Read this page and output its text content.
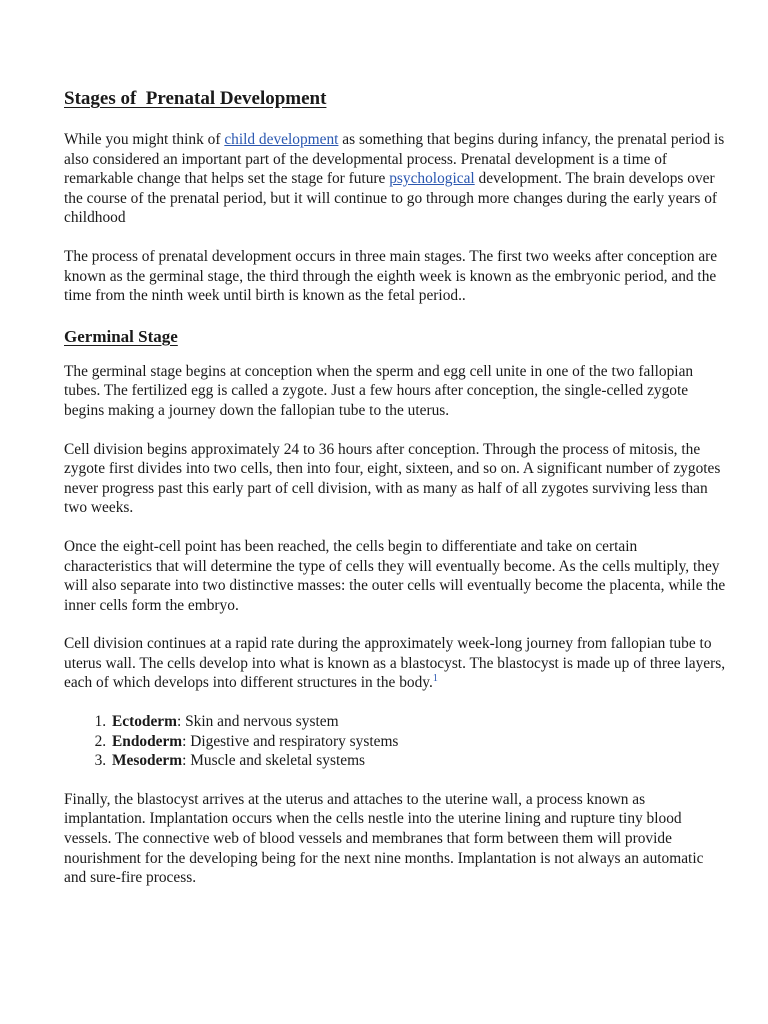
Stages of  Prenatal Development

While you might think of child development as something that begins during infancy, the prenatal period is also considered an important part of the developmental process. Prenatal development is a time of remarkable change that helps set the stage for future psychological development. The brain develops over the course of the prenatal period, but it will continue to go through more changes during the early years of childhood

The process of prenatal development occurs in three main stages. The first two weeks after conception are known as the germinal stage, the third through the eighth week is known as the embryonic period, and the time from the ninth week until birth is known as the fetal period..

Germinal Stage

The germinal stage begins at conception when the sperm and egg cell unite in one of the two fallopian tubes. The fertilized egg is called a zygote. Just a few hours after conception, the single-celled zygote begins making a journey down the fallopian tube to the uterus.

Cell division begins approximately 24 to 36 hours after conception. Through the process of mitosis, the zygote first divides into two cells, then into four, eight, sixteen, and so on. A significant number of zygotes never progress past this early part of cell division, with as many as half of all zygotes surviving less than two weeks.

Once the eight-cell point has been reached, the cells begin to differentiate and take on certain characteristics that will determine the type of cells they will eventually become. As the cells multiply, they will also separate into two distinctive masses: the outer cells will eventually become the placenta, while the inner cells form the embryo.

Cell division continues at a rapid rate during the approximately week-long journey from fallopian tube to uterus wall. The cells develop into what is known as a blastocyst. The blastocyst is made up of three layers, each of which develops into different structures in the body.$^1$

1. Ectoderm: Skin and nervous system
2. Endoderm: Digestive and respiratory systems
3. Mesoderm: Muscle and skeletal systems

Finally, the blastocyst arrives at the uterus and attaches to the uterine wall, a process known as implantation. Implantation occurs when the cells nestle into the uterine lining and rupture tiny blood vessels. The connective web of blood vessels and membranes that form between them will provide nourishment for the developing being for the next nine months. Implantation is not always an automatic and sure-fire process.
